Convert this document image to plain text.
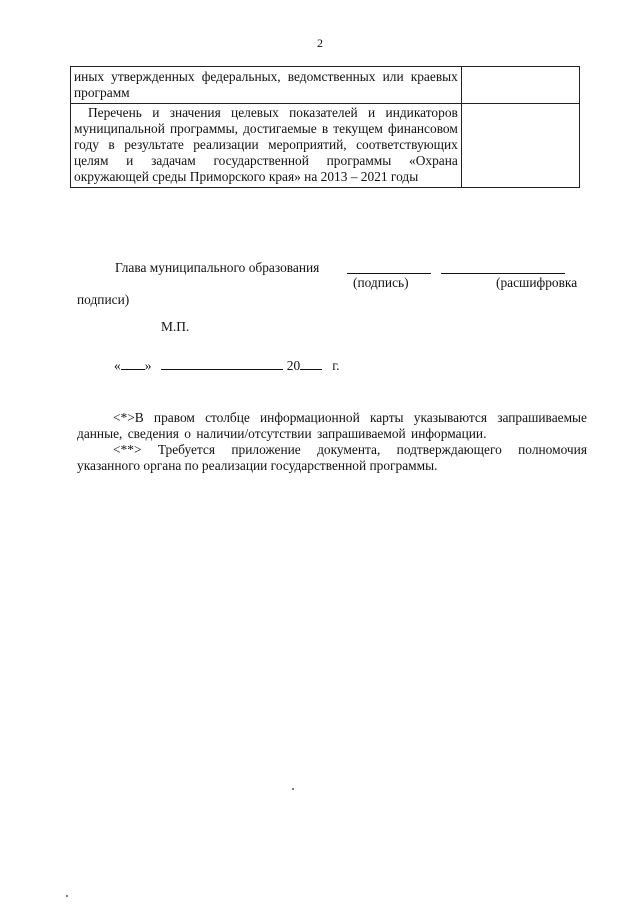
2
иных утвержденных федеральных, ведомственных или краевых программ	

Перечень и значения целевых показателей и индикаторов муниципальной программы, достигаемые в текущем финансовом году в результате реализации мероприятий, соответствующих целям и задачам государственной программы «Охрана окружающей среды Приморского края» на 2013 – 2021 годы	

Глава муниципального образования
(подпись)	(расшифровка
подписи)
М.П.
« »	20 г.

<*>В правом столбце информационной карты указываются запрашиваемые данные, сведения о наличии/отсутствии запрашиваемой информации.

<**> Требуется приложение документа, подтверждающего полномочия указанного органа по реализации государственной программы.
